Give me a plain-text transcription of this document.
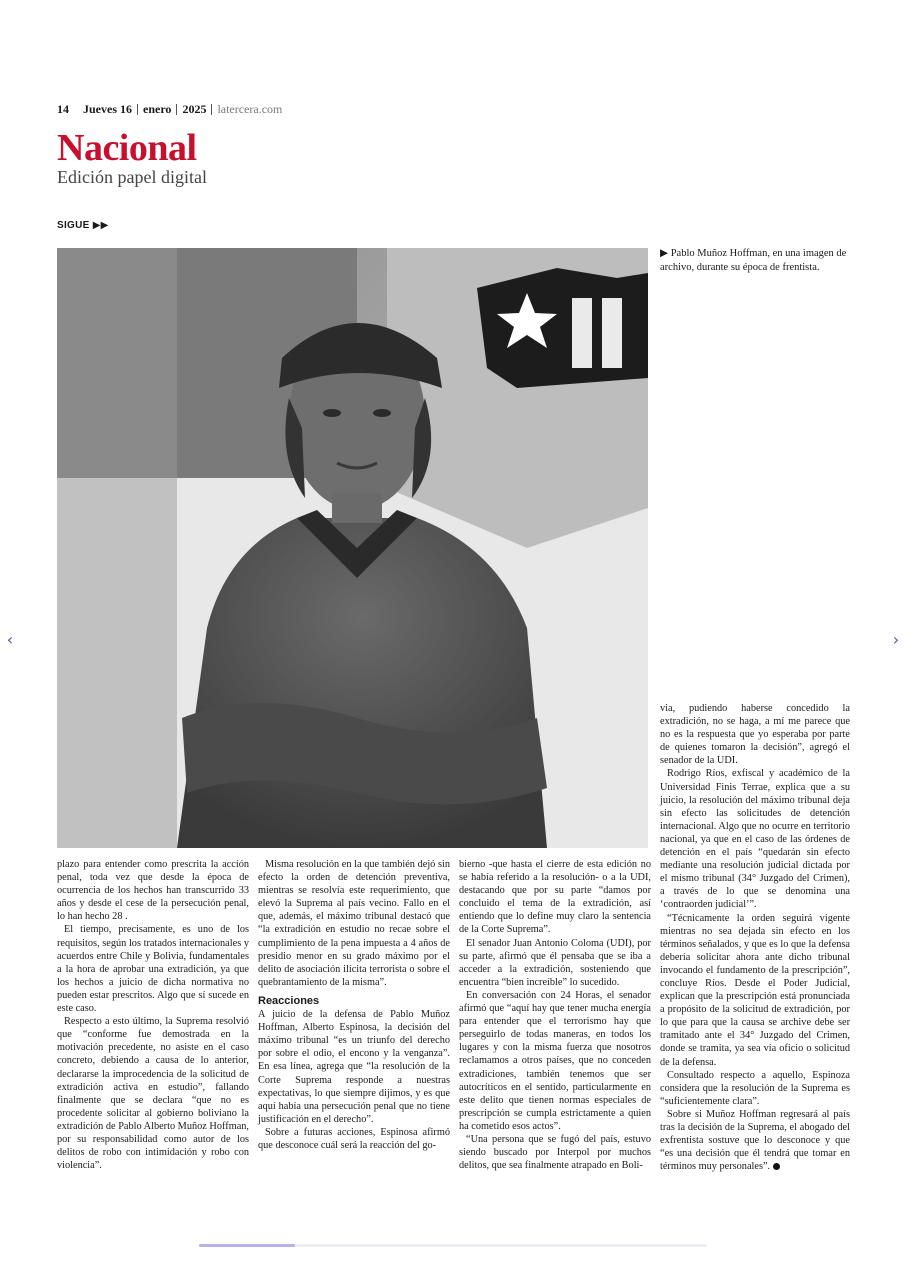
14 Jueves 16 enero 2025 latercera.com
Nacional
Edición papel digital
SIGUE ▶▶
▶ Pablo Muñoz Hoffman, en una imagen de archivo, durante su época de frentista.

plazo para entender como prescrita la acción penal, toda vez que desde la época de ocurrencia de los hechos han transcurrido 33 años y desde el cese de la persecución penal, lo han hecho 28 .

El tiempo, precisamente, es uno de los requisitos, según los tratados internacionales y acuerdos entre Chile y Bolivia, fundamentales a la hora de aprobar una extradición, ya que los hechos a juicio de dicha normativa no pueden estar prescritos. Algo que sí sucede en este caso.

Respecto a esto último, la Suprema resolvió que “conforme fue demostrada en la motivación precedente, no asiste en el caso concreto, debiendo a causa de lo anterior, declararse la improcedencia de la solicitud de extradición activa en estudio”, fallando finalmente que se declara “que no es procedente solicitar al gobierno boliviano la extradición de Pablo Alberto Muñoz Hoffman, por su responsabilidad como autor de los delitos de robo con intimidación y robo con violencia”.

Misma resolución en la que también dejó sin efecto la orden de detención preventiva, mientras se resolvía este requerimiento, que elevó la Suprema al país vecino. Fallo en el que, además, el máximo tribunal destacó que “la extradición en estudio no recae sobre el cumplimiento de la pena impuesta a 4 años de presidio menor en su grado máximo por el delito de asociación ilícita terrorista o sobre el quebrantamiento de la misma”.

Reacciones

A juicio de la defensa de Pablo Muñoz Hoffman, Alberto Espinosa, la decisión del máximo tribunal “es un triunfo del derecho por sobre el odio, el encono y la venganza”. En esa línea, agrega que “la resolución de la Corte Suprema responde a nuestras expectativas, lo que siempre dijimos, y es que aquí había una persecución penal que no tiene justificación en el derecho”.

Sobre a futuras acciones, Espinosa afirmó que desconoce cuál será la reacción del go-

bierno -que hasta el cierre de esta edición no se había referido a la resolución- o a la UDI, destacando que por su parte “damos por concluido el tema de la extradición, así entiendo que lo define muy claro la sentencia de la Corte Suprema”.

El senador Juan Antonio Coloma (UDI), por su parte, afirmó que él pensaba que se iba a acceder a la extradición, sosteniendo que encuentra “bien increíble” lo sucedido.

En conversación con 24 Horas, el senador afirmó que “aquí hay que tener mucha energía para entender que el terrorismo hay que perseguirlo de todas maneras, en todos los lugares y con la misma fuerza que nosotros reclamamos a otros países, que no conceden extradiciones, también tenemos que ser autocríticos en el sentido, particularmente en este delito que tienen normas especiales de prescripción se cumpla estrictamente a quien ha cometido esos actos”.

“Una persona que se fugó del país, estuvo siendo buscado por Interpol por muchos delitos, que sea finalmente atrapado en Boli-

via, pudiendo haberse concedido la extradición, no se haga, a mí me parece que no es la respuesta que yo esperaba por parte de quienes tomaron la decisión”, agregó el senador de la UDI.

Rodrigo Ríos, exfiscal y académico de la Universidad Finis Terrae, explica que a su juicio, la resolución del máximo tribunal deja sin efecto las solicitudes de detención internacional. Algo que no ocurre en territorio nacional, ya que en el caso de las órdenes de detención en el país “quedarán sin efecto mediante una resolución judicial dictada por el mismo tribunal (34° Juzgado del Crimen), a través de lo que se denomina una ‘contraorden judicial’”.

“Técnicamente la orden seguirá vigente mientras no sea dejada sin efecto en los términos señalados, y que es lo que la defensa debería solicitar ahora ante dicho tribunal invocando el fundamento de la prescripción”, concluye Ríos. Desde el Poder Judicial, explican que la prescripción está pronunciada a propósito de la solicitud de extradición, por lo que para que la causa se archive debe ser tramitado ante el 34° Juzgado del Crimen, donde se tramita, ya sea vía oficio o solicitud de la defensa.

Consultado respecto a aquello, Espinoza considera que la resolución de la Suprema es “suficientemente clara”.

Sobre si Muñoz Hoffman regresará al país tras la decisión de la Suprema, el abogado del exfrentista sostuve que lo desconoce y que “es una decisión que él tendrá que tomar en términos muy personales”.

‹	›
